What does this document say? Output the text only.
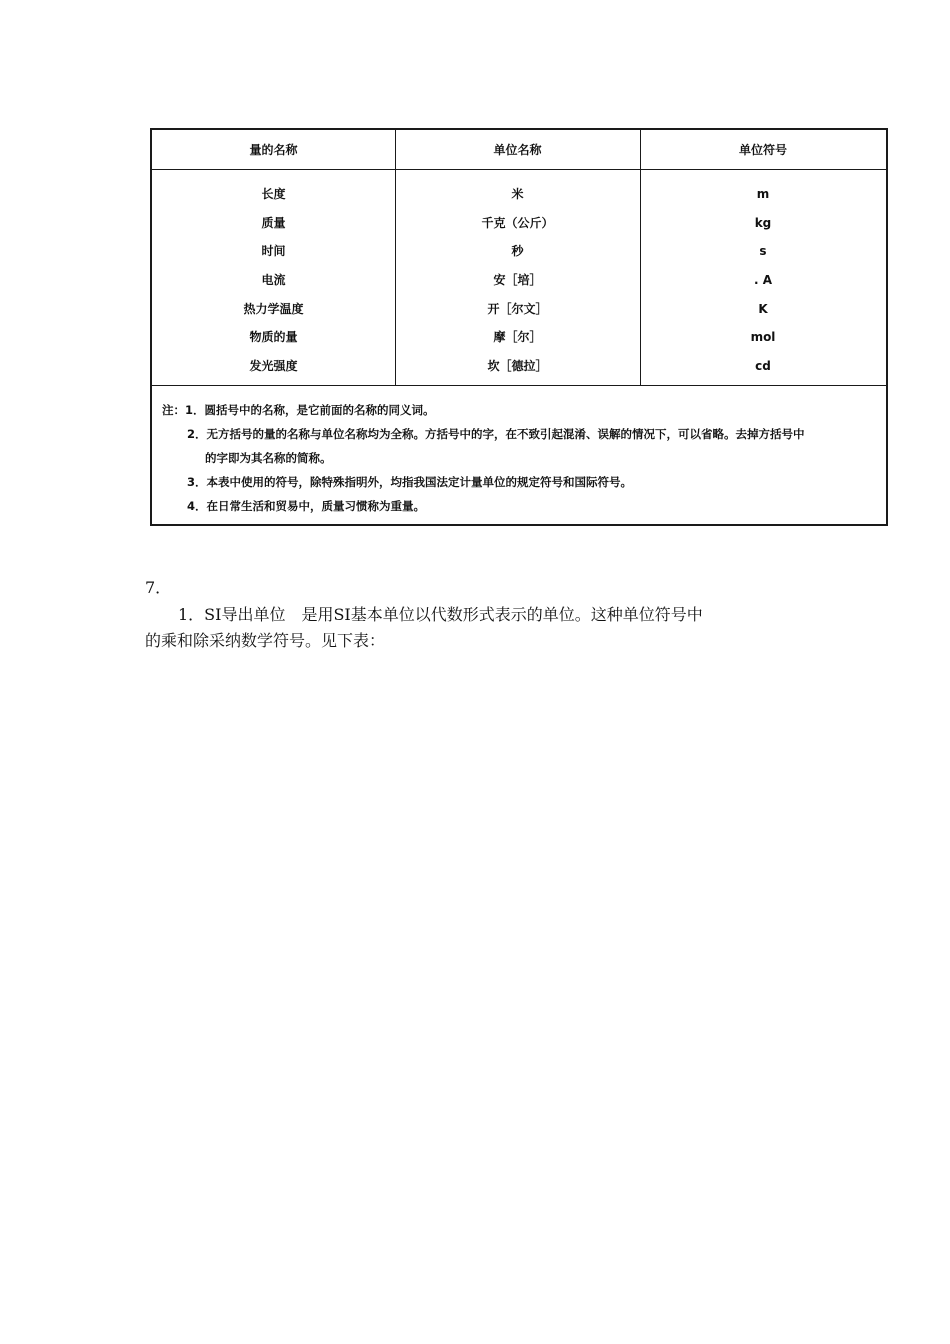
量的名称	单位名称	单位符号
长度	米	m
质量	千克（公斤）	kg
时间	秒	s
电流	安［培］	. A
热力学温度	开［尔文］	K
物质的量	摩［尔］	mol
发光强度	坎［德拉］	cd
注：1．圆括号中的名称，是它前面的名称的同义词。
2．无方括号的量的名称与单位名称均为全称。方括号中的字，在不致引起混淆、误解的情况下，可以省略。去掉方括号中
的字即为其名称的简称。
3．本表中使用的符号，除特殊指明外，均指我国法定计量单位的规定符号和国际符号。
4．在日常生活和贸易中，质量习惯称为重量。
7．
1．SI导出单位　是用SI基本单位以代数形式表示的单位。这种单位符号中
的乘和除采纳数学符号。见下表：
